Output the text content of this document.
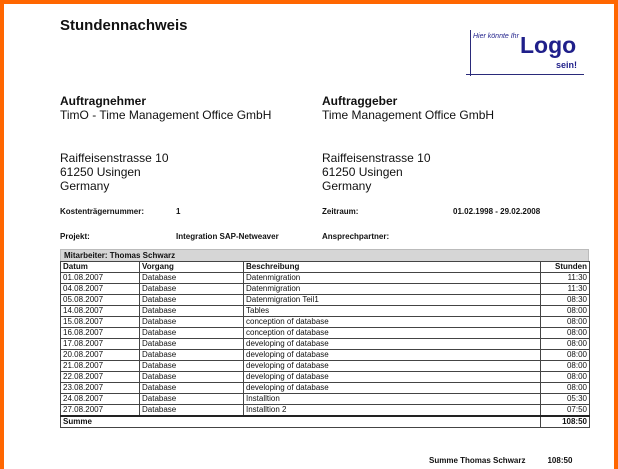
Stundennachweis
Hier könnte Ihr Logo
sein!
Auftragnehmer
TimO - Time Management Office GmbH
Auftraggeber
Time Management Office GmbH
Raiffeisenstrasse 10
61250 Usingen
Germany
Raiffeisenstrasse 10
61250 Usingen
Germany
Kostenträgernummer:	1	Zeitraum:	01.02.1998 - 29.02.2008
Projekt:	Integration SAP-Netweaver	Ansprechpartner:
Mitarbeiter: Thomas Schwarz
Datum	Vorgang	Beschreibung	Stunden
01.08.2007	Database	Datenmigration	11:30
04.08.2007	Database	Datenmigration	11:30
05.08.2007	Database	Datenmigration Teil1	08:30
14.08.2007	Database	Tables	08:00
15.08.2007	Database	conception of database	08:00
16.08.2007	Database	conception of database	08:00
17.08.2007	Database	developing of database	08:00
20.08.2007	Database	developing of database	08:00
21.08.2007	Database	developing of database	08:00
22.08.2007	Database	developing of database	08:00
23.08.2007	Database	developing of database	08:00
24.08.2007	Database	Installtion	05:30
27.08.2007	Database	Installtion 2	07:50
Summe			108:50
Summe Thomas Schwarz	108:50
